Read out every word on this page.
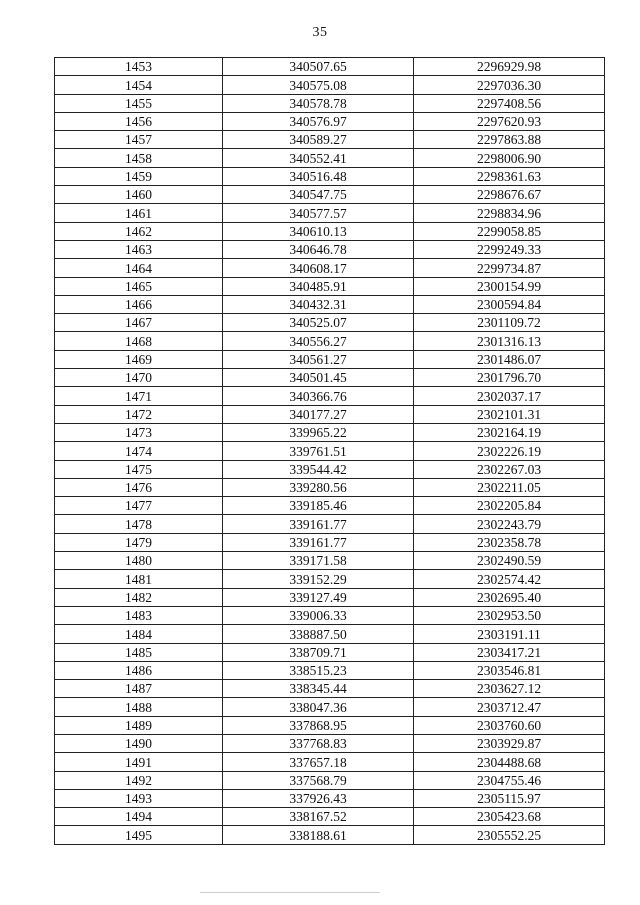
35
1453	340507.65	2296929.98
1454	340575.08	2297036.30
1455	340578.78	2297408.56
1456	340576.97	2297620.93
1457	340589.27	2297863.88
1458	340552.41	2298006.90
1459	340516.48	2298361.63
1460	340547.75	2298676.67
1461	340577.57	2298834.96
1462	340610.13	2299058.85
1463	340646.78	2299249.33
1464	340608.17	2299734.87
1465	340485.91	2300154.99
1466	340432.31	2300594.84
1467	340525.07	2301109.72
1468	340556.27	2301316.13
1469	340561.27	2301486.07
1470	340501.45	2301796.70
1471	340366.76	2302037.17
1472	340177.27	2302101.31
1473	339965.22	2302164.19
1474	339761.51	2302226.19
1475	339544.42	2302267.03
1476	339280.56	2302211.05
1477	339185.46	2302205.84
1478	339161.77	2302243.79
1479	339161.77	2302358.78
1480	339171.58	2302490.59
1481	339152.29	2302574.42
1482	339127.49	2302695.40
1483	339006.33	2302953.50
1484	338887.50	2303191.11
1485	338709.71	2303417.21
1486	338515.23	2303546.81
1487	338345.44	2303627.12
1488	338047.36	2303712.47
1489	337868.95	2303760.60
1490	337768.83	2303929.87
1491	337657.18	2304488.68
1492	337568.79	2304755.46
1493	337926.43	2305115.97
1494	338167.52	2305423.68
1495	338188.61	2305552.25
